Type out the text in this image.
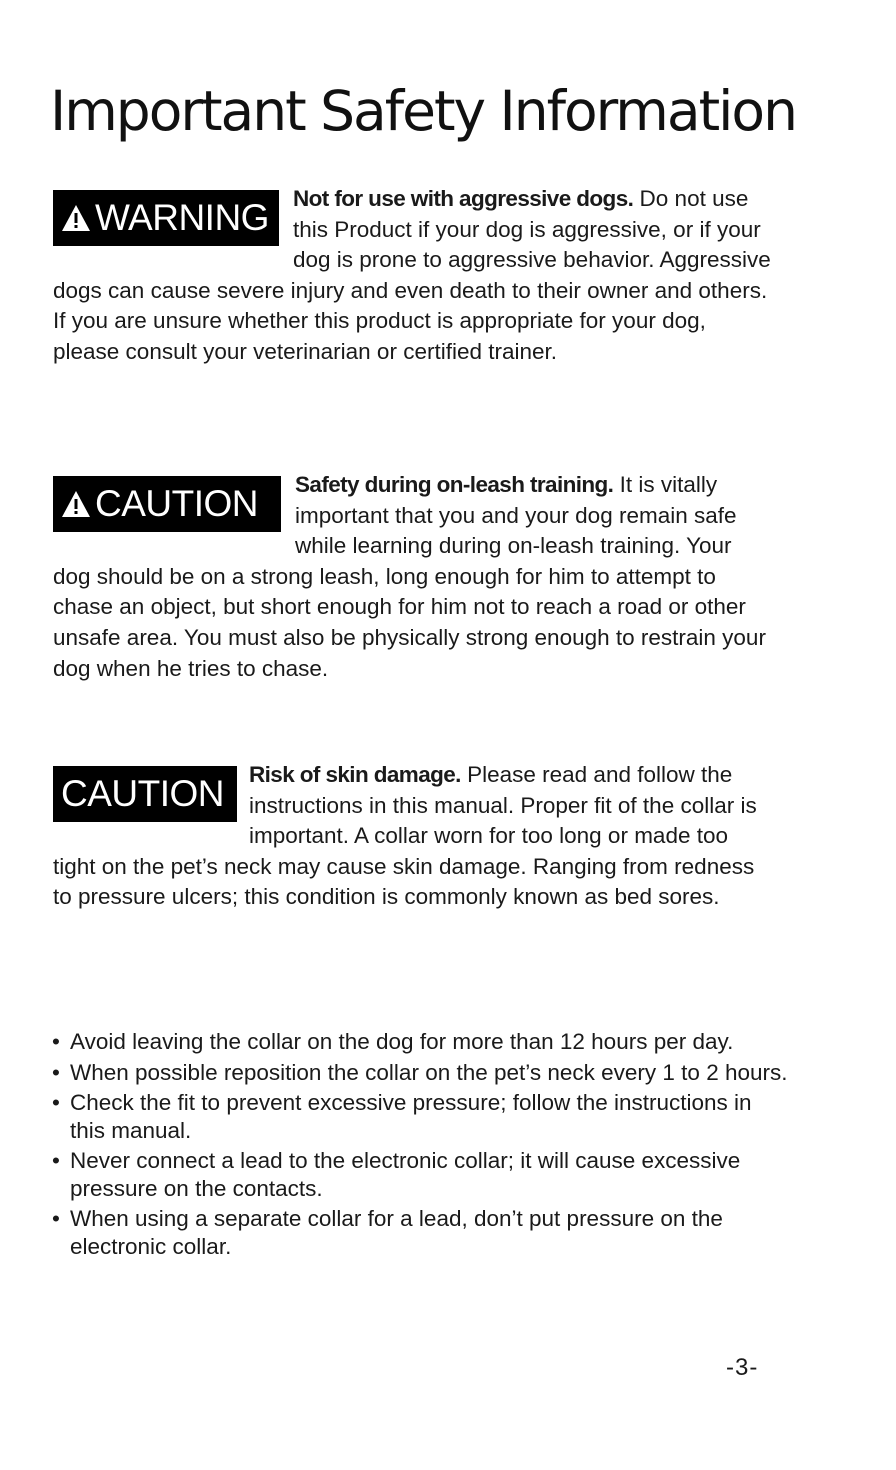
Important Safety Information
WARNING	Not for use with aggressive dogs. Do not use this Product if your dog is aggressive, or if your dog is prone to aggressive behavior. Aggressive dogs can cause severe injury and even death to their owner and others. If you are unsure whether this product is appropriate for your dog, please consult your veterinarian or certified trainer.

CAUTION	Safety during on-leash training. It is vitally important that you and your dog remain safe while learning during on-leash training. Your dog should be on a strong leash, long enough for him to attempt to chase an object, but short enough for him not to reach a road or other unsafe area. You must also be physically strong enough to restrain your dog when he tries to chase.

CAUTION	Risk of skin damage. Please read and follow the instructions in this manual. Proper fit of the collar is important. A collar worn for too long or made too tight on the pet’s neck may cause skin damage. Ranging from redness to pressure ulcers; this condition is commonly known as bed sores.

• Avoid leaving the collar on the dog for more than 12 hours per day.
• When possible reposition the collar on the pet’s neck every 1 to 2 hours.
• Check the fit to prevent excessive pressure; follow the instructions in this manual.
• Never connect a lead to the electronic collar; it will cause excessive pressure on the contacts.
• When using a separate collar for a lead, don’t put pressure on the electronic collar.
-3-
